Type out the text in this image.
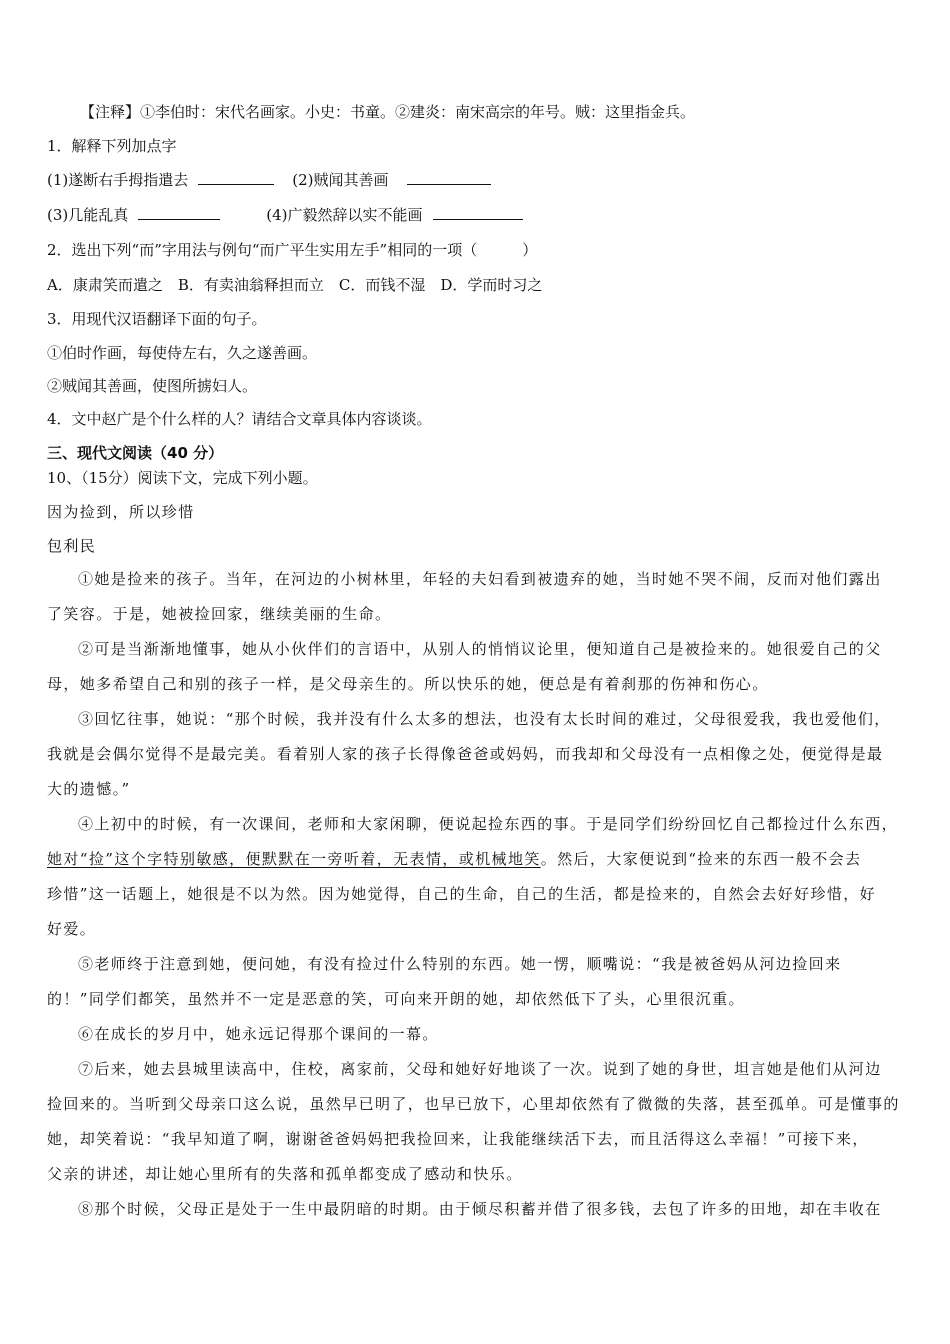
【注释】①李伯时：宋代名画家。小史：书童。②建炎：南宋高宗的年号。贼：这里指金兵。
1．解释下列加点字
(1)遂断右手拇指遣去	(2)贼闻其善画
(3)几能乱真	(4)广毅然辞以实不能画
2．选出下列“而”字用法与例句“而广平生实用左手”相同的一项（　　　）
A．康肃笑而遣之　B．有卖油翁释担而立　C．而钱不湿　D．学而时习之
3．用现代汉语翻译下面的句子。
①伯时作画，每使侍左右，久之遂善画。
②贼闻其善画，使图所掳妇人。
4．文中赵广是个什么样的人？请结合文章具体内容谈谈。
三、现代文阅读（40 分）
10、（15分）阅读下文，完成下列小题。
因为捡到，所以珍惜
包利民
①她是捡来的孩子。当年，在河边的小树林里，年轻的夫妇看到被遗弃的她，当时她不哭不闹，反而对他们露出
了笑容。于是，她被捡回家，继续美丽的生命。
②可是当渐渐地懂事，她从小伙伴们的言语中，从别人的悄悄议论里，便知道自己是被捡来的。她很爱自己的父
母，她多希望自己和别的孩子一样，是父母亲生的。所以快乐的她，便总是有着刹那的伤神和伤心。
③回忆往事，她说：“那个时候，我并没有什么太多的想法，也没有太长时间的难过，父母很爱我，我也爱他们，
我就是会偶尔觉得不是最完美。看着别人家的孩子长得像爸爸或妈妈，而我却和父母没有一点相像之处，便觉得是最
大的遗憾。”
④上初中的时候，有一次课间，老师和大家闲聊，便说起捡东西的事。于是同学们纷纷回忆自己都捡过什么东西，
她对“捡”这个字特别敏感，便默默在一旁听着，无表情，或机械地笑。然后，大家便说到“捡来的东西一般不会去
珍惜”这一话题上，她很是不以为然。因为她觉得，自己的生命，自己的生活，都是捡来的，自然会去好好珍惜，好
好爱。
⑤老师终于注意到她，便问她，有没有捡过什么特别的东西。她一愣，顺嘴说：“我是被爸妈从河边捡回来
的！”同学们都笑，虽然并不一定是恶意的笑，可向来开朗的她，却依然低下了头，心里很沉重。
⑥在成长的岁月中，她永远记得那个课间的一幕。
⑦后来，她去县城里读高中，住校，离家前，父母和她好好地谈了一次。说到了她的身世，坦言她是他们从河边
捡回来的。当听到父母亲口这么说，虽然早已明了，也早已放下，心里却依然有了微微的失落，甚至孤单。可是懂事的
她，却笑着说：“我早知道了啊，谢谢爸爸妈妈把我捡回来，让我能继续活下去，而且活得这么幸福！”可接下来，
父亲的讲述，却让她心里所有的失落和孤单都变成了感动和快乐。
⑧那个时候，父母正是处于一生中最阴暗的时期。由于倾尽积蓄并借了很多钱，去包了许多的田地，却在丰收在
